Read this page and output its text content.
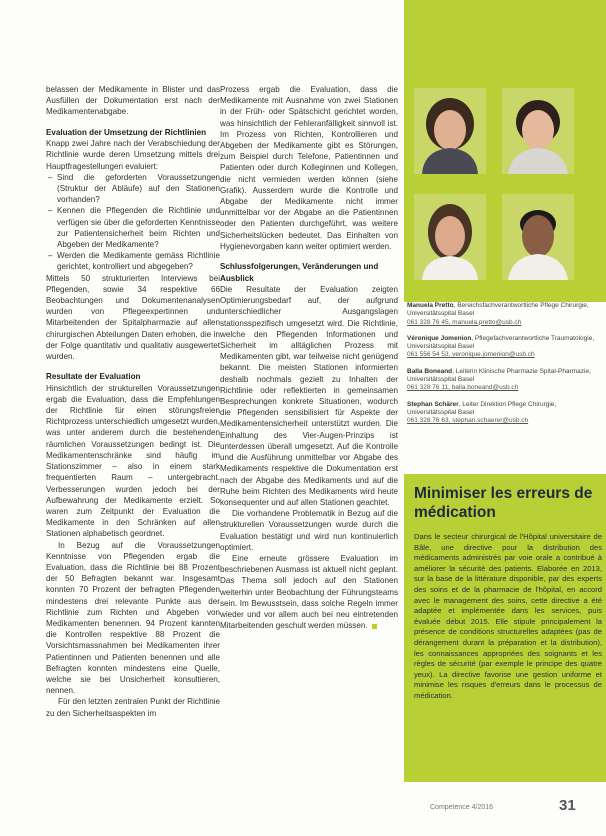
belassen der Medikamente in Blister und das Ausfüllen der Dokumentation erst nach der Medikamentenabgabe.

Evaluation der Umsetzung der Richtlinien

Knapp zwei Jahre nach der Verabschiedung der Richtlinie wurde deren Umsetzung mittels drei Hauptfragestellungen evaluiert:

– Sind die geforderten Voraussetzungen (Struktur der Abläufe) auf den Stationen vorhanden?
– Kennen die Pflegenden die Richtlinie und verfügen sie über die geforderten Kenntnisse zur Patientensicherheit beim Richten und Abgeben der Medikamente?
– Werden die Medikamente gemäss Richtlinie gerichtet, kontrolliert und abgegeben?

Mittels 50 strukturierten Interviews bei Pflegenden, sowie 34 respektive 66 Beobachtungen und Dokumentenanalysen wurden von Pflegeexpertinnen und Mitarbeitenden der Spitalpharmazie auf allen chirurgischen Abteilungen Daten erhoben, die in der Folge quantitativ und qualitativ ausgewertet wurden.

Resultate der Evaluation

Hinsichtlich der strukturellen Voraussetzungen ergab die Evaluation, dass die Empfehlungen der Richtlinie für einen störungsfreien Richtprozess unterschiedlich umgesetzt wurden, was unter anderem durch die bestehenden räumlichen Voraussetzungen bedingt ist. Die Medikamentenschränke sind häufig im Stationszimmer – also in einem stark frequentierten Raum – untergebracht. Verbesserungen wurden jedoch bei der Aufbewahrung der Medikamente erzielt. So waren zum Zeitpunkt der Evaluation die Medikamente in den Schränken auf allen Stationen alphabetisch geordnet.

In Bezug auf die Voraussetzungen Kenntnisse von Pflegenden ergab die Evaluation, dass die Richtlinie bei 88 Prozent der 50 Befragten bekannt war. Insgesamt konnten 70 Prozent der befragten Pflegenden mindestens drei relevante Punkte aus der Richtlinie zum Richten und Abgeben von Medikamenten benennen. 94 Prozent kannten die Kontrollen respektive 88 Prozent die Vorsichtsmassnahmen bei Medikamenten ihrer Patientinnen und Patienten benennen und alle Befragten konnten mindestens eine Quelle, welche sie bei Unsicherheit konsultieren, nennen.

Für den letzten zentralen Punkt der Richtlinie zu den Sicherheitsaspekten im

Prozess ergab die Evaluation, dass die Medikamente mit Ausnahme von zwei Stationen in der Früh- oder Spätschicht gerichtet worden, was hinsichtlich der Fehleranfälligkeit sinnvoll ist. Im Prozess von Richten, Kontrollieren und Abgeben der Medikamente gibt es Störungen, zum Beispiel durch Telefone, Patientinnen und Patienten oder durch Kolleginnen und Kollegen, die nicht vermieden werden können (siehe Grafik). Ausserdem wurde die Kontrolle und Abgabe der Medikamente nicht immer unmittelbar vor der Abgabe an die Patientinnen oder den Patienten durchgeführt, was weitere Sicherheitslücken bedeutet. Das Einhalten von Hygienevorgaben kann weiter optimiert werden.

Schlussfolgerungen, Veränderungen und Ausblick

Die Resultate der Evaluation zeigten Optimierungsbedarf auf, der aufgrund unterschiedlicher Ausgangslagen stationsspezifisch umgesetzt wird. Die Richtlinie, welche den Pflegenden Informationen und Sicherheit im alltäglichen Prozess mit Medikamenten gibt, war teilweise nicht genügend bekannt. Die meisten Stationen informierten deshalb nochmals gezielt zu Inhalten der Richtlinie oder reflektierten in gemeinsamen Besprechungen konkrete Situationen, wodurch die Pflegenden sensibilisiert für Aspekte der Medikamentensicherheit unterstützt wurden. Die Einhaltung des Vier-Augen-Prinzips ist unterdessen überall umgesetzt. Auf die Kontrolle und die Ausführung unmittelbar vor Abgabe des Medikaments respektive die Dokumentation erst nach der Abgabe des Medikaments und auf die Ruhe beim Richten des Medikaments wird heute konsequenter und auf allen Stationen geachtet.

Die vorhandene Problematik in Bezug auf die strukturellen Voraussetzungen wurde durch die Evaluation bestätigt und wird nun kontinuierlich optimiert.

Eine erneute grössere Evaluation im beschriebenen Ausmass ist aktuell nicht geplant. Das Thema soll jedoch auf den Stationen weiterhin unter Beobachtung der Führungsteams sein. Im Bewusstsein, dass solche Regeln immer wieder und vor allem auch bei neu eintretenden Mitarbeitenden geschult werden müssen.

Manuela Pretto, Bereichsfachverantwortliche Pflege Chirurgie, Universitätsspital Basel
061 328 76 45, manuela.pretto@usb.ch
Véronique Jomenion, Pflegefachverantwortliche Traumatologie, Universitätsspital Basel
061 556 54 53, veronique.jomenion@usb.ch
Balla Boneand, Leiterin Klinische Pharmazie Spital-Pharmazie, Universitätsspital Basel
061 328 76 11, balla.boneand@usb.ch
Stephan Schärer, Leiter Direktion Pflege Chirurgie, Universitätsspital Basel
061 328 76 63, stephan.schaerer@usb.ch
Minimiser les erreurs de médication
Dans le secteur chirurgical de l'Hôpital universitaire de Bâle, une directive pour la distribution des médicaments administrés par voie orale a contribué à améliorer la sécurité des patients. Elaborée en 2013, sur la base de la littérature disponible, par des experts des soins et de la pharmacie de l'hôpital, en accord avec le management des soins, cette directive a été adaptée et implémentée dans les services, puis évaluée début 2015. Elle stipule principalement la présence de conditions structurelles adaptées (pas de dérangement durant la préparation et la distribution), les connaissances appropriées des soignants et les règles de sécurité (par exemple le principe des quatre yeux). La directive favorise une gestion uniforme et minimise les risques d'erreurs dans le processus de médication.
Competence 4/2016	31
